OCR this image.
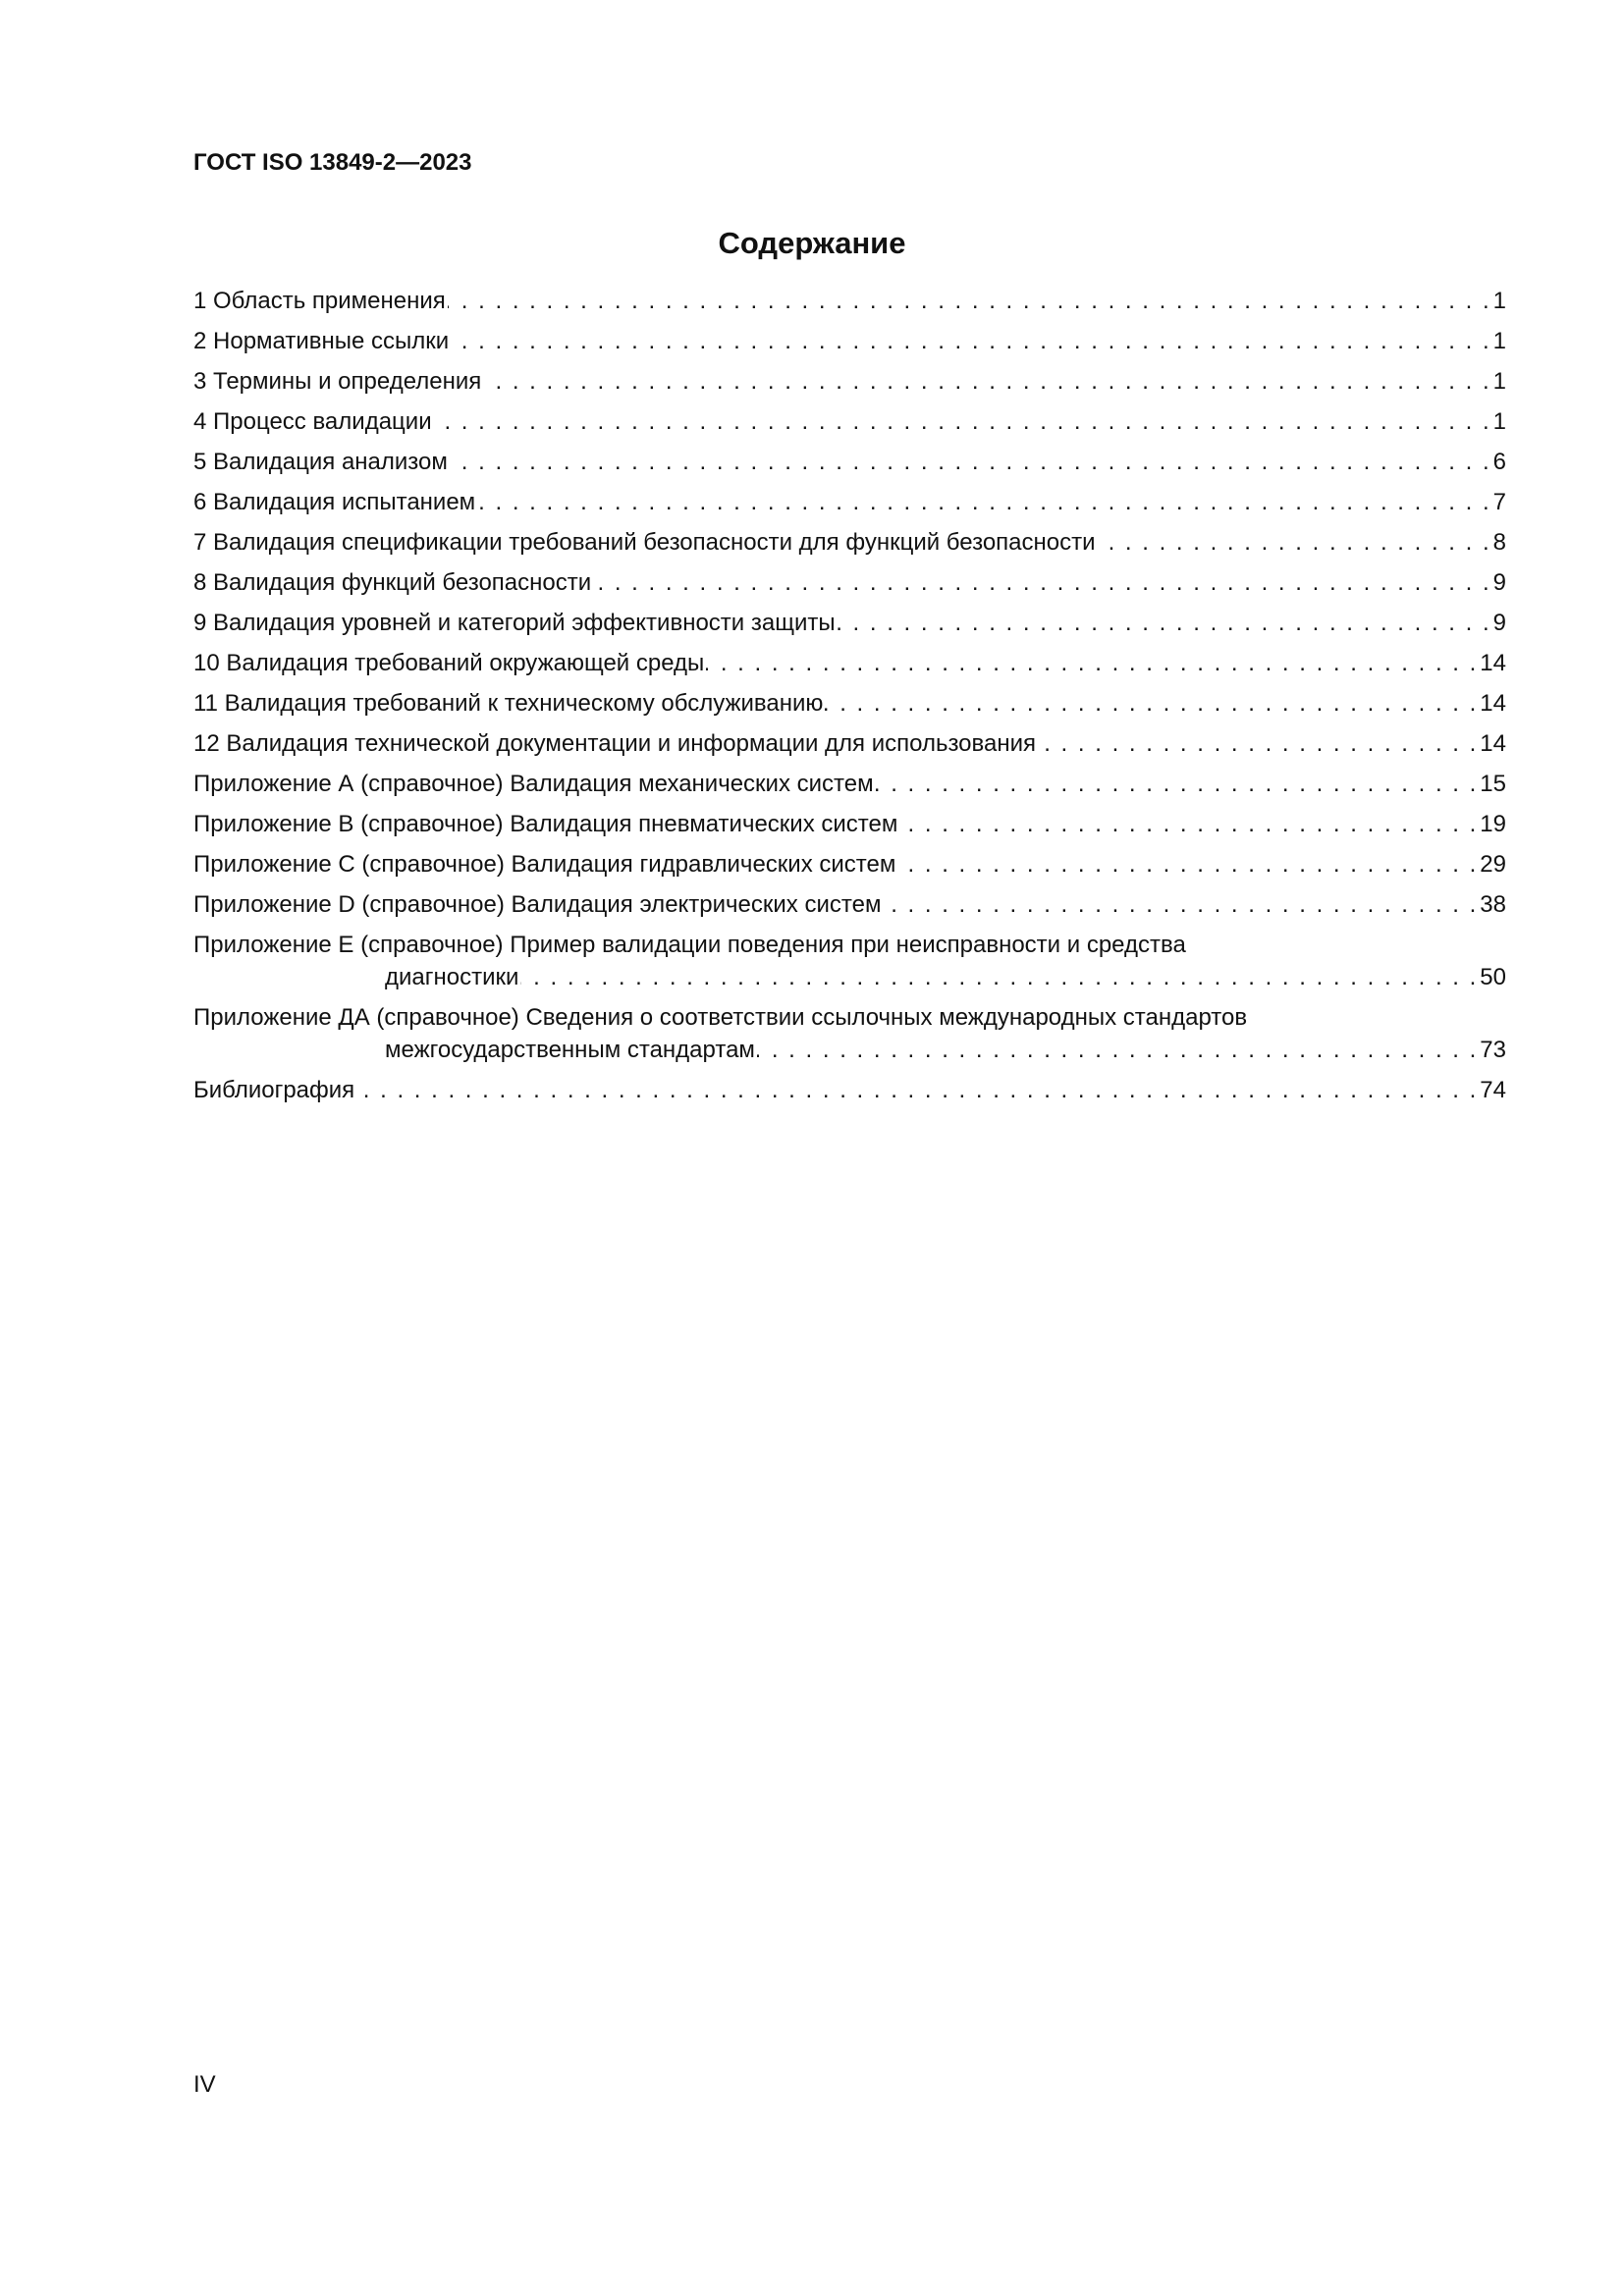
ГОСТ ISO 13849-2—2023
Содержание
1 Область применения . . .	1
2 Нормативные ссылки . . .	1
3 Термины и определения . . .	1
4 Процесс валидации . . .	1
5 Валидация анализом . . .	6
6 Валидация испытанием . . .	7
7 Валидация спецификации требований безопасности для функций безопасности . . .	8
8 Валидация функций безопасности . . .	9
9 Валидация уровней и категорий эффективности защиты . . .	9
10 Валидация требований окружающей среды . . .	14
11 Валидация требований к техническому обслуживанию . . .	14
12 Валидация технической документации и информации для использования . . .	14
Приложение А (справочное) Валидация механических систем . . .	15
Приложение В (справочное) Валидация пневматических систем . . .	19
Приложение С (справочное) Валидация гидравлических систем . . .	29
Приложение D (справочное) Валидация электрических систем . . .	38
Приложение Е (справочное) Пример валидации поведения при неисправности и средства
диагностики . . .	50
Приложение ДА (справочное) Сведения о соответствии ссылочных международных стандартов
межгосударственным стандартам . . .	73
Библиография . . .	74
IV
